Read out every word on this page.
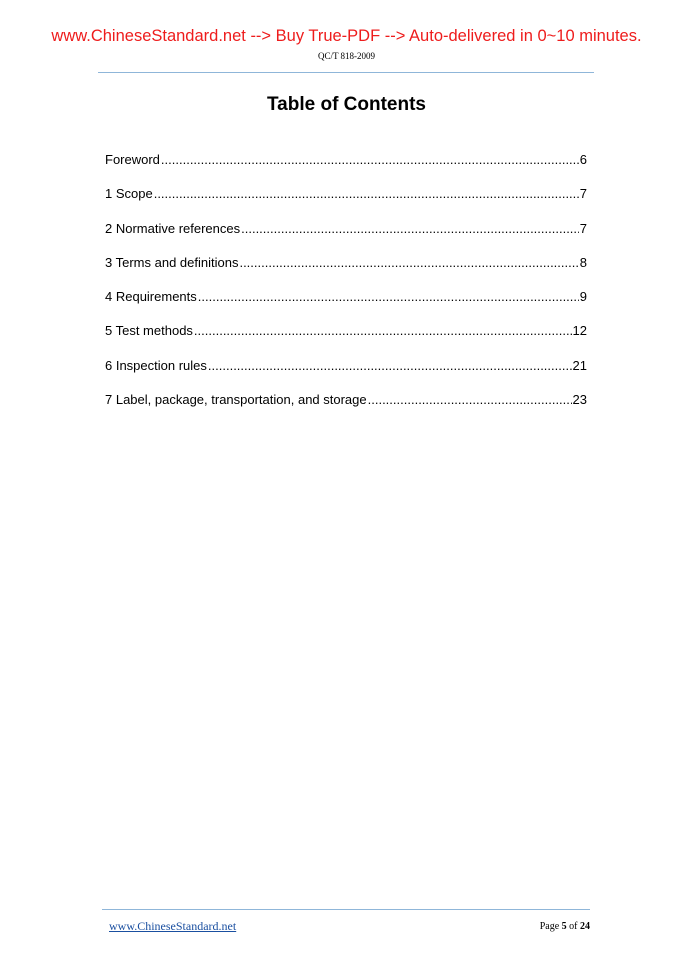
www.ChineseStandard.net --> Buy True-PDF --> Auto-delivered in 0~10 minutes.
QC/T 818-2009
Table of Contents
Foreword .....	6
1 Scope .....	7
2 Normative references .....	7
3 Terms and definitions .....	8
4 Requirements .....	9
5 Test methods .....	12
6 Inspection rules .....	21
7 Label, package, transportation, and storage .....	23
www.ChineseStandard.net	Page 5 of 24
